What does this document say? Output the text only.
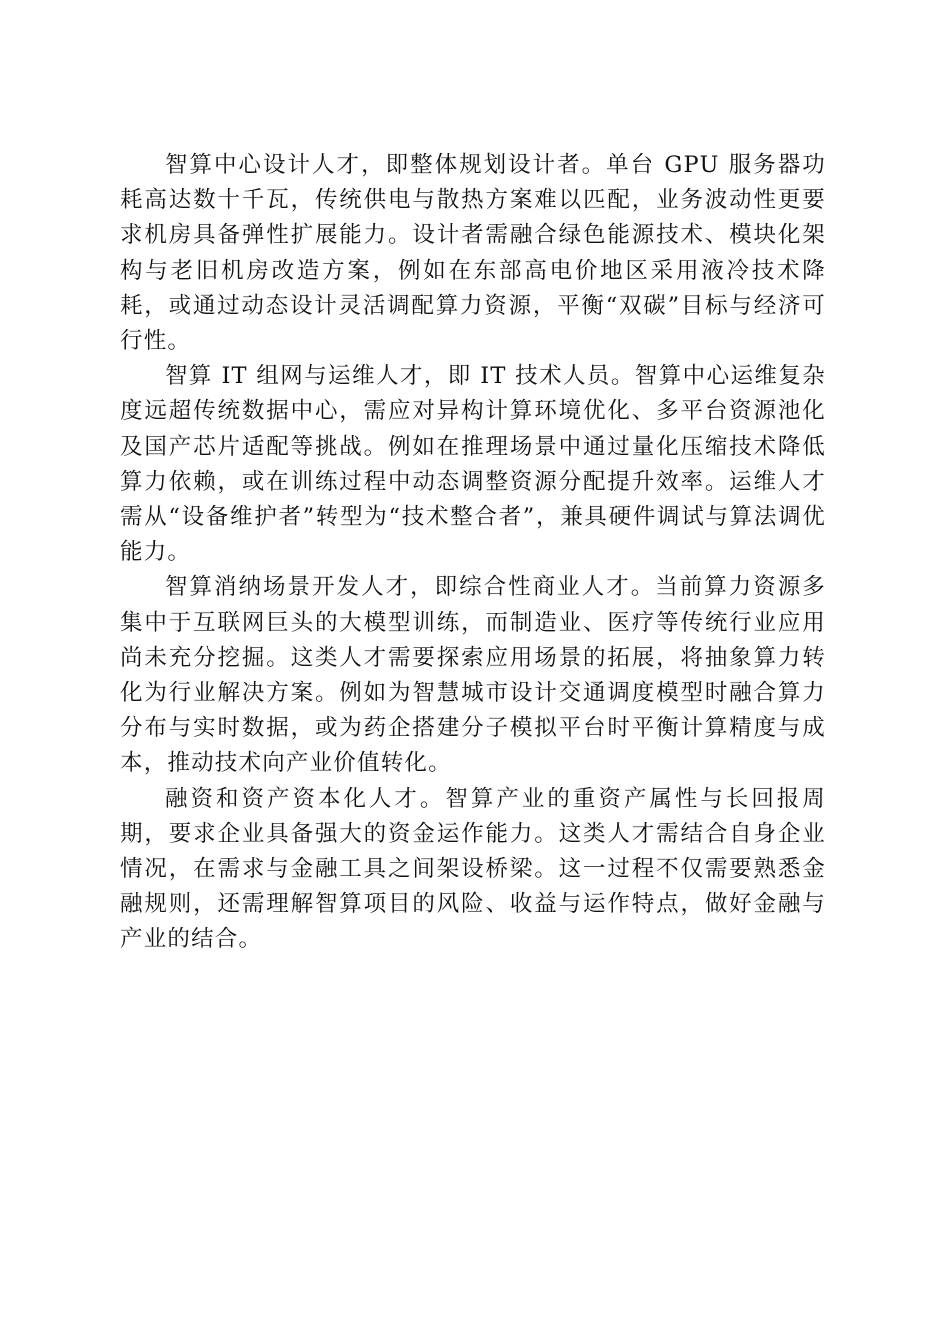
智算中心设计人才，即整体规划设计者。单台 GPU 服务器功耗高达数十千瓦，传统供电与散热方案难以匹配，业务波动性更要求机房具备弹性扩展能力。设计者需融合绿色能源技术、模块化架构与老旧机房改造方案，例如在东部高电价地区采用液冷技术降耗，或通过动态设计灵活调配算力资源，平衡“双碳”目标与经济可行性。

智算 IT 组网与运维人才，即 IT 技术人员。智算中心运维复杂度远超传统数据中心，需应对异构计算环境优化、多平台资源池化及国产芯片适配等挑战。例如在推理场景中通过量化压缩技术降低算力依赖，或在训练过程中动态调整资源分配提升效率。运维人才需从“设备维护者”转型为“技术整合者”，兼具硬件调试与算法调优能力。

智算消纳场景开发人才，即综合性商业人才。当前算力资源多集中于互联网巨头的大模型训练，而制造业、医疗等传统行业应用尚未充分挖掘。这类人才需要探索应用场景的拓展，将抽象算力转化为行业解决方案。例如为智慧城市设计交通调度模型时融合算力分布与实时数据，或为药企搭建分子模拟平台时平衡计算精度与成本，推动技术向产业价值转化。

融资和资产资本化人才。智算产业的重资产属性与长回报周期，要求企业具备强大的资金运作能力。这类人才需结合自身企业情况，在需求与金融工具之间架设桥梁。这一过程不仅需要熟悉金融规则，还需理解智算项目的风险、收益与运作特点，做好金融与产业的结合。
